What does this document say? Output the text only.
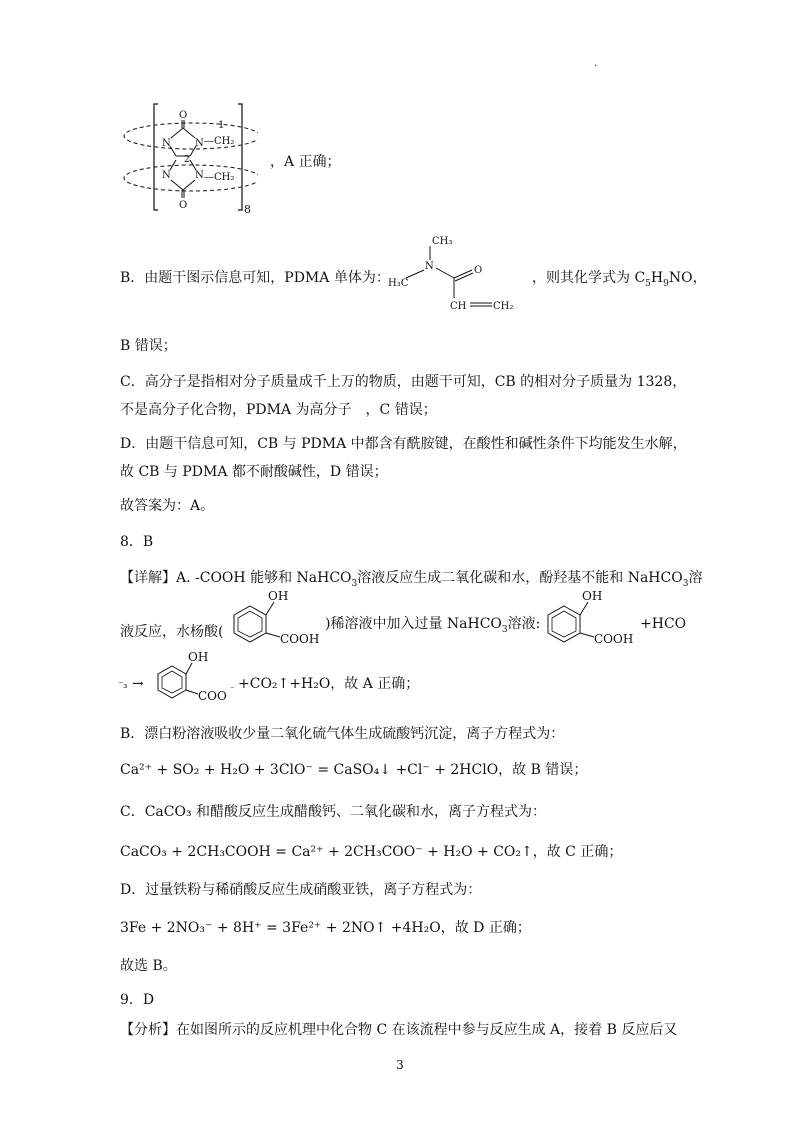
.
O
N N —CH₂
1
2
N N —CH₂
O	8
，A 正确；
B．由题干图示信息可知，PDMA 单体为：
CH₃
N
H₃C
O
CH	CH₂
，则其化学式为 $C_5H_9NO$，
B 错误；
C．高分子是指相对分子质量成千上万的物质，由题干可知，CB 的相对分子质量为 1328，
不是高分子化合物，PDMA 为高分子　，C 错误；
D．由题干信息可知，CB 与 PDMA 中都含有酰胺键，在酸性和碱性条件下均能发生水解，
故 CB 与 PDMA 都不耐酸碱性，D 错误；
故答案为：A。
8．B
【详解】A. -COOH 能够和 NaHCO$_3$溶液反应生成二氧化碳和水，酚羟基不能和 NaHCO$_3$溶
液反应，水杨酸(
OH
COOH
)稀溶液中加入过量 NaHCO$_3$溶液:
OH
COOH
+HCO
⁻₃ →
OH
COO ⁻ +CO₂↑+H₂O，故 A 正确；
B．漂白粉溶液吸收少量二氧化硫气体生成硫酸钙沉淀，离子方程式为：
Ca²⁺ + SO₂ + H₂O + 3ClO⁻ = CaSO₄↓ +Cl⁻ + 2HClO，故 B 错误；
C．CaCO₃ 和醋酸反应生成醋酸钙、二氧化碳和水，离子方程式为：
CaCO₃ + 2CH₃COOH = Ca²⁺ + 2CH₃COO⁻ + H₂O + CO₂↑，故 C 正确；
D．过量铁粉与稀硝酸反应生成硝酸亚铁，离子方程式为：
3Fe + 2NO₃⁻ + 8H⁺ = 3Fe²⁺ + 2NO↑ +4H₂O，故 D 正确；
故选 B。
9．D
【分析】在如图所示的反应机理中化合物 C 在该流程中参与反应生成 A，接着 B 反应后又
3
